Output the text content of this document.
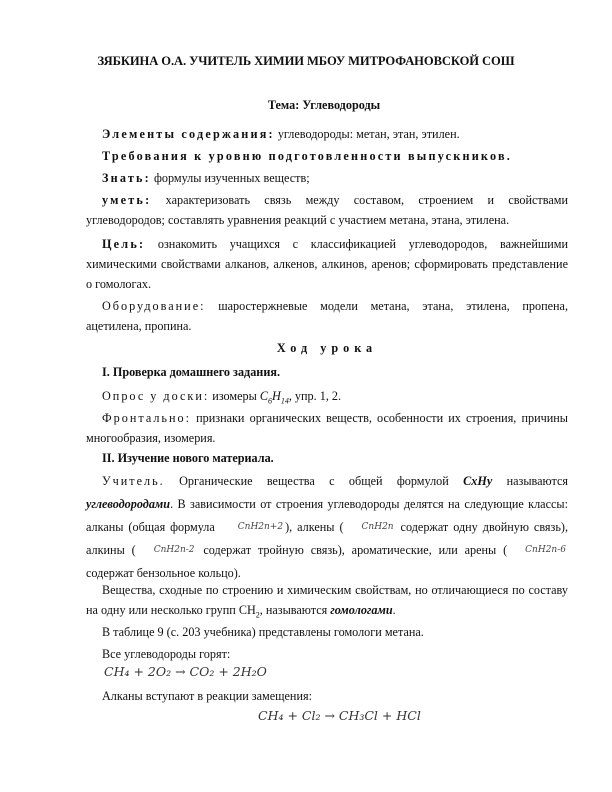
ЗЯБКИНА О.А. УЧИТЕЛЬ ХИМИИ МБОУ МИТРОФАНОВСКОЙ СОШ
Тема: Углеводороды
Элементы содержания: углеводороды: метан, этан, этилен.
Требования к уровню подготовленности выпускников.
Знать: формулы изученных веществ;
уметь: характеризовать связь между составом, строением и свойствами углеводородов; составлять уравнения реакций с участием метана, этана, этилена.
Цель: ознакомить учащихся с классификацией углеводородов, важнейшими химическими свойствами алканов, алкенов, алкинов, аренов; сформировать представление о гомологах.
Оборудование: шаростержневые модели метана, этана, этилена, пропена, ацетилена, пропина.
Ход урока
I. Проверка домашнего задания.
Опрос у доски: изомеры $C_6H_{14}$, упр. 1, 2.
Фронтально: признаки органических веществ, особенности их строения, причины многообразия, изомерия.
II. Изучение нового материала.
Учитель. Органические вещества с общей формулой CxHy называются углеводородами. В зависимости от строения углеводороды делятся на следующие классы: алканы (общая формула CnH2n+2 ), алкены ( CnH2n содержат одну двойную связь), алкины ( CnH2n-2 содержат тройную связь), ароматические, или арены ( CnH2n-6 содержат бензольное кольцо).
Вещества, сходные по строению и химическим свойствам, но отличающиеся по составу на одну или несколько групп $CH_2$, называются гомологами.
В таблице 9 (с. 203 учебника) представлены гомологи метана.
Все углеводороды горят:
CH₄ + 2O₂ → CO₂ + 2H₂O
Алканы вступают в реакции замещения:
CH₄ + Cl₂ → CH₃Cl + HCl
